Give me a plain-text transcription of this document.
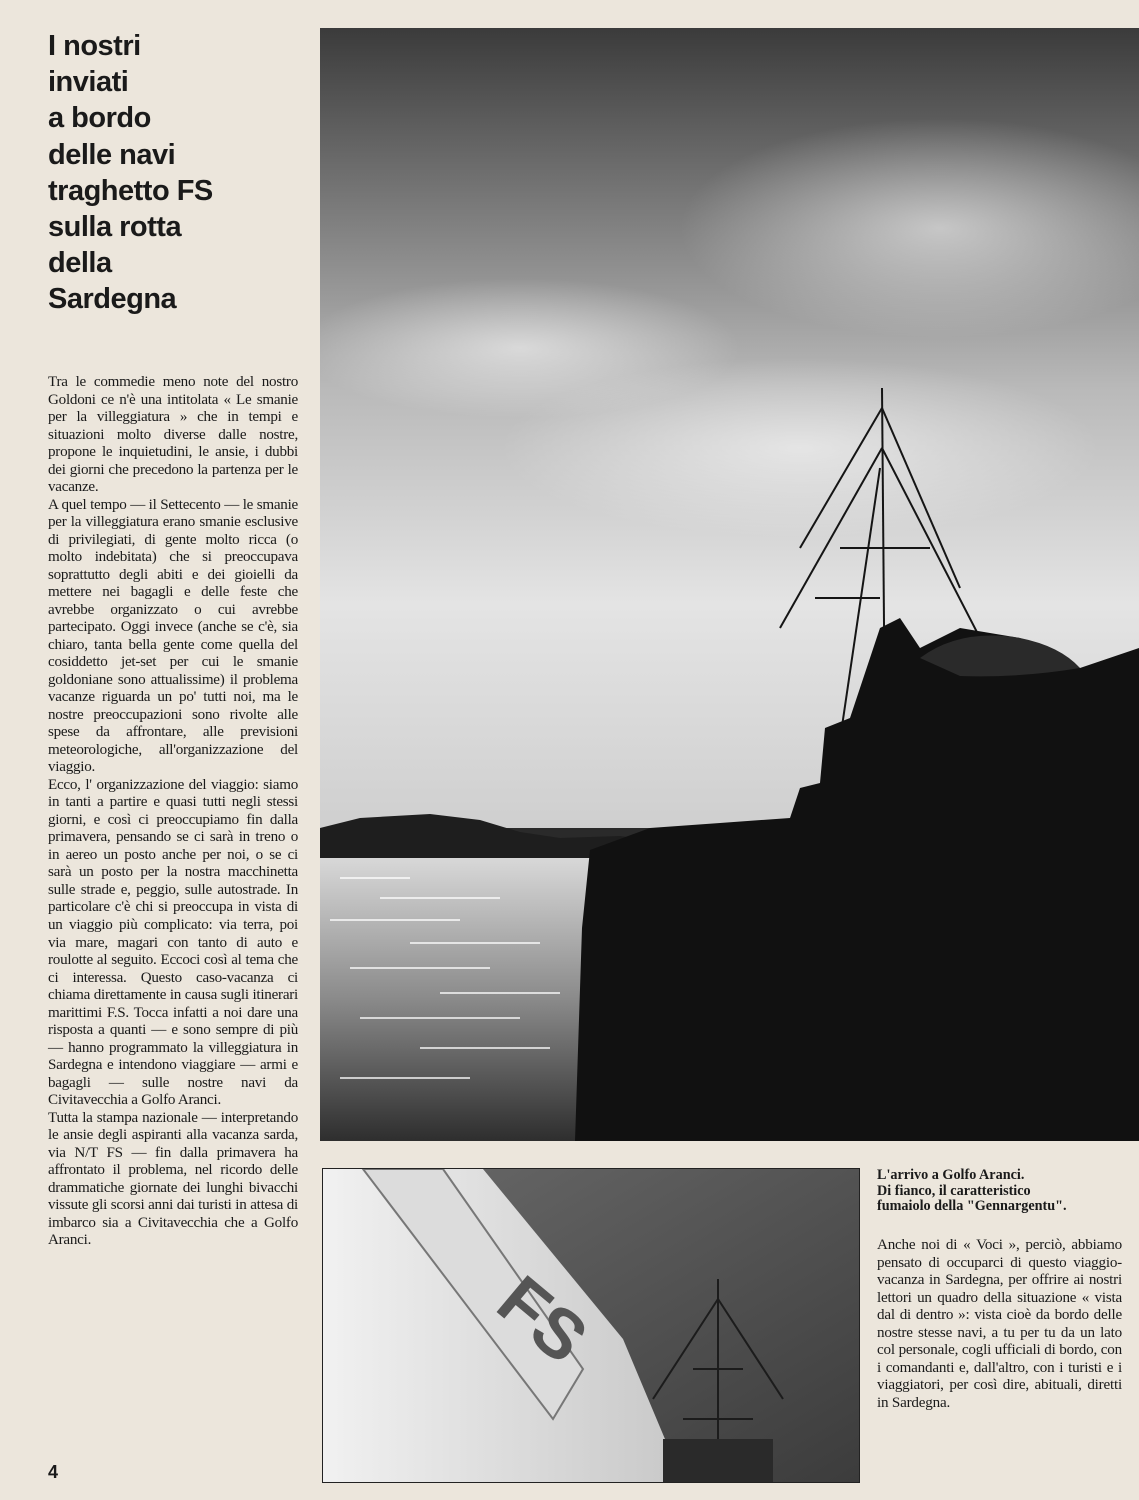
I nostri
inviati
a bordo
delle navi
traghetto FS
sulla rotta
della
Sardegna

Tra le commedie meno note del nostro Goldoni ce n'è una intitolata « Le smanie per la villeggiatura » che in tempi e situazioni molto diverse dalle nostre, propone le inquietudini, le ansie, i dubbi dei giorni che precedono la partenza per le vacanze.

A quel tempo — il Settecento — le smanie per la villeggiatura erano smanie esclusive di privilegiati, di gente molto ricca (o molto indebitata) che si preoccupava soprattutto degli abiti e dei gioielli da mettere nei bagagli e delle feste che avrebbe organizzato o cui avrebbe partecipato. Oggi invece (anche se c'è, sia chiaro, tanta bella gente come quella del cosiddetto jet-set per cui le smanie goldoniane sono attualissime) il problema vacanze riguarda un po' tutti noi, ma le nostre preoccupazioni sono rivolte alle spese da affrontare, alle previsioni meteorologiche, all'organizzazione del viaggio.

Ecco, l' organizzazione del viaggio: siamo in tanti a partire e quasi tutti negli stessi giorni, e così ci preoccupiamo fin dalla primavera, pensando se ci sarà in treno o in aereo un posto anche per noi, o se ci sarà un posto per la nostra macchinetta sulle strade e, peggio, sulle autostrade. In particolare c'è chi si preoccupa in vista di un viaggio più complicato: via terra, poi via mare, magari con tanto di auto e roulotte al seguito. Eccoci così al tema che ci interessa. Questo caso-vacanza ci chiama direttamente in causa sugli itinerari marittimi F.S. Tocca infatti a noi dare una risposta a quanti — e sono sempre di più — hanno programmato la villeggiatura in Sardegna e intendono viaggiare — armi e bagagli — sulle nostre navi da Civitavecchia a Golfo Aranci.

Tutta la stampa nazionale — interpretando le ansie degli aspiranti alla vacanza sarda, via N/T FS — fin dalla primavera ha affrontato il problema, nel ricordo delle drammatiche giornate dei lunghi bivacchi vissute gli scorsi anni dai turisti in attesa di imbarco sia a Civitavecchia che a Golfo Aranci.

FS

L'arrivo a Golfo Aranci.
Di fianco, il caratteristico
fumaiolo della "Gennargentu".

Anche noi di « Voci », perciò, abbiamo pensato di occuparci di questo viaggio-vacanza in Sardegna, per offrire ai nostri lettori un quadro della situazione « vista dal di dentro »: vista cioè da bordo delle nostre stesse navi, a tu per tu da un lato col personale, cogli ufficiali di bordo, con i comandanti e, dall'altro, con i turisti e i viaggiatori, per così dire, abituali, diretti in Sardegna.

4
